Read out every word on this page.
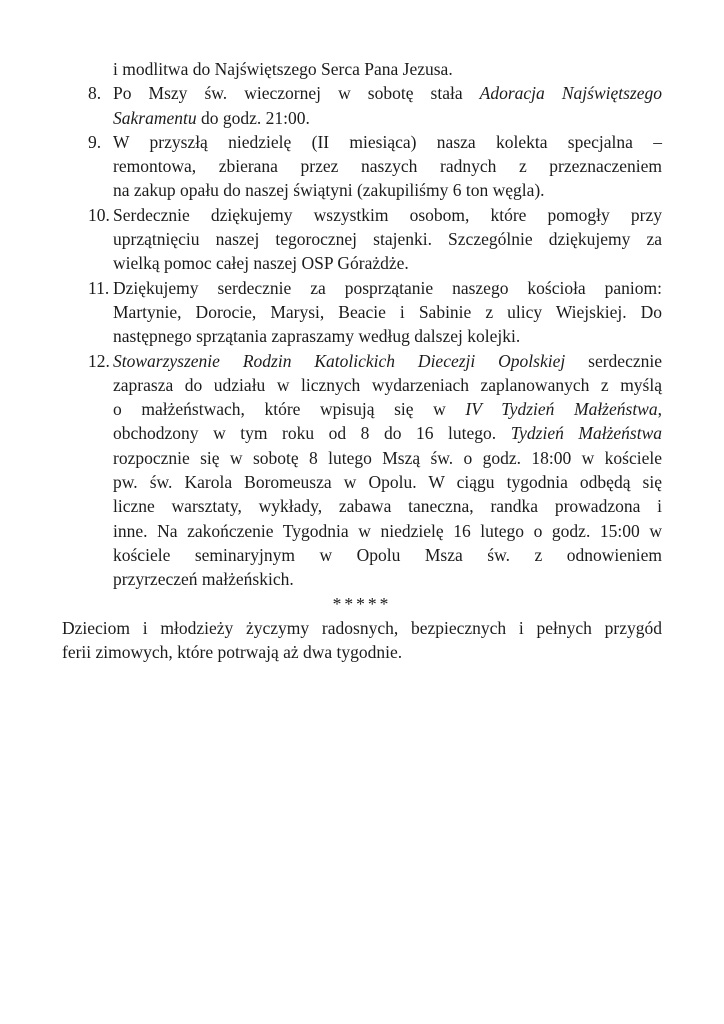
i modlitwa do Najświętszego Serca Pana Jezusa.
8. Po Mszy św. wieczornej w sobotę stała Adoracja Najświętszego
Sakramentu do godz. 21:00.
9. W przyszłą niedzielę (II miesiąca) nasza kolekta specjalna –
remontowa, zbierana przez naszych radnych z przeznaczeniem
na zakup opału do naszej świątyni (zakupiliśmy 6 ton węgla).
10. Serdecznie dziękujemy wszystkim osobom, które pomogły przy
uprzątnięciu naszej tegorocznej stajenki. Szczególnie dziękujemy za
wielką pomoc całej naszej OSP Górażdże.
11. Dziękujemy serdecznie za posprzątanie naszego kościoła paniom:
Martynie, Dorocie, Marysi, Beacie i Sabinie z ulicy Wiejskiej. Do
następnego sprzątania zapraszamy według dalszej kolejki.
12. Stowarzyszenie Rodzin Katolickich Diecezji Opolskiej serdecznie
zaprasza do udziału w licznych wydarzeniach zaplanowanych z myślą
o małżeństwach, które wpisują się w IV Tydzień Małżeństwa,
obchodzony w tym roku od 8 do 16 lutego. Tydzień Małżeństwa
rozpocznie się w sobotę 8 lutego Mszą św. o godz. 18:00 w kościele
pw. św. Karola Boromeusza w Opolu. W ciągu tygodnia odbędą się
liczne warsztaty, wykłady, zabawa taneczna, randka prowadzona i
inne. Na zakończenie Tygodnia w niedzielę 16 lutego o godz. 15:00 w
kościele seminaryjnym w Opolu Msza św. z odnowieniem
przyrzeczeń małżeńskich.
*****
Dzieciom i młodzieży życzymy radosnych, bezpiecznych i pełnych przygód
ferii zimowych, które potrwają aż dwa tygodnie.
